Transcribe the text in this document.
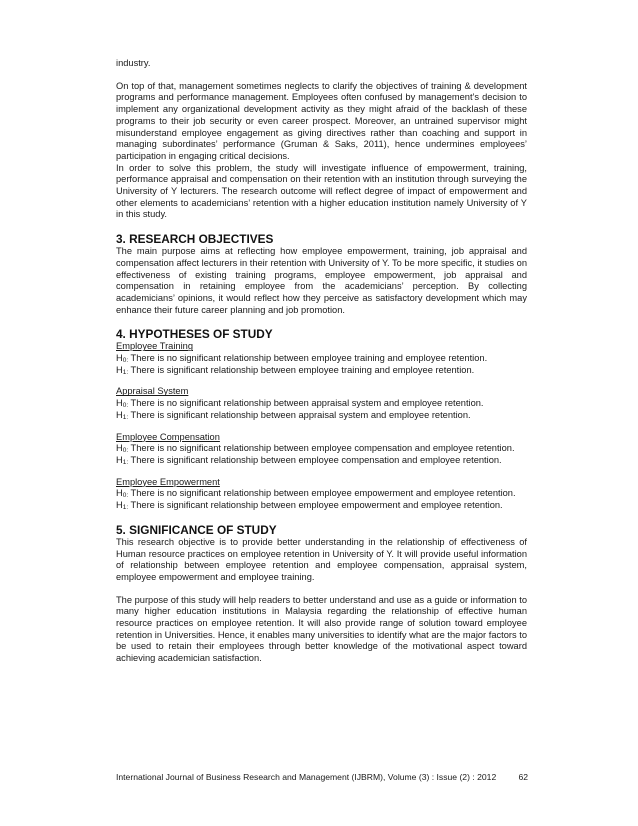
industry.

On top of that, management sometimes neglects to clarify the objectives of training & development programs and performance management. Employees often confused by management’s decision to implement any organizational development activity as they might afraid of the backlash of these programs to their job security or even career prospect. Moreover, an untrained supervisor might misunderstand employee engagement as giving directives rather than coaching and support in managing subordinates’ performance (Gruman & Saks, 2011), hence undermines employees’ participation in engaging critical decisions.

In order to solve this problem, the study will investigate influence of empowerment, training, performance appraisal and compensation on their retention with an institution through surveying the University of Y lecturers. The research outcome will reflect degree of impact of empowerment and other elements to academicians’ retention with a higher education institution namely University of Y in this study.

3. RESEARCH OBJECTIVES

The main purpose aims at reflecting how employee empowerment, training, job appraisal and compensation affect lecturers in their retention with University of Y. To be more specific, it studies on effectiveness of existing training programs, employee empowerment, job appraisal and compensation in retaining employee from the academicians’ perception. By collecting academicians’ opinions, it would reflect how they perceive as satisfactory development which may enhance their future career planning and job promotion.

4. HYPOTHESES OF STUDY

Employee Training

$H_{0:}$ There is no significant relationship between employee training and employee retention.

$H_{1:}$ There is significant relationship between employee training and employee retention.

Appraisal System

$H_{0:}$ There is no significant relationship between appraisal system and employee retention.

$H_{1:}$ There is significant relationship between appraisal system and employee retention.

Employee Compensation

$H_{0:}$ There is no significant relationship between employee compensation and employee retention.

$H_{1:}$ There is significant relationship between employee compensation and employee retention.

Employee Empowerment

$H_{0:}$ There is no significant relationship between employee empowerment and employee retention.

$H_{1:}$ There is significant relationship between employee empowerment and employee retention.

5. SIGNIFICANCE OF STUDY

This research objective is to provide better understanding in the relationship of effectiveness of Human resource practices on employee retention in University of Y. It will provide useful information of relationship between employee retention and employee compensation, appraisal system, employee empowerment and employee training.

The purpose of this study will help readers to better understand and use as a guide or information to many higher education institutions in Malaysia regarding the relationship of effective human resource practices on employee retention. It will also provide range of solution toward employee retention in Universities. Hence, it enables many universities to identify what are the major factors to be used to retain their employees through better knowledge of the motivational aspect toward achieving academician satisfaction.

International Journal of Business Research and Management (IJBRM), Volume (3) : Issue (2) : 2012	62
